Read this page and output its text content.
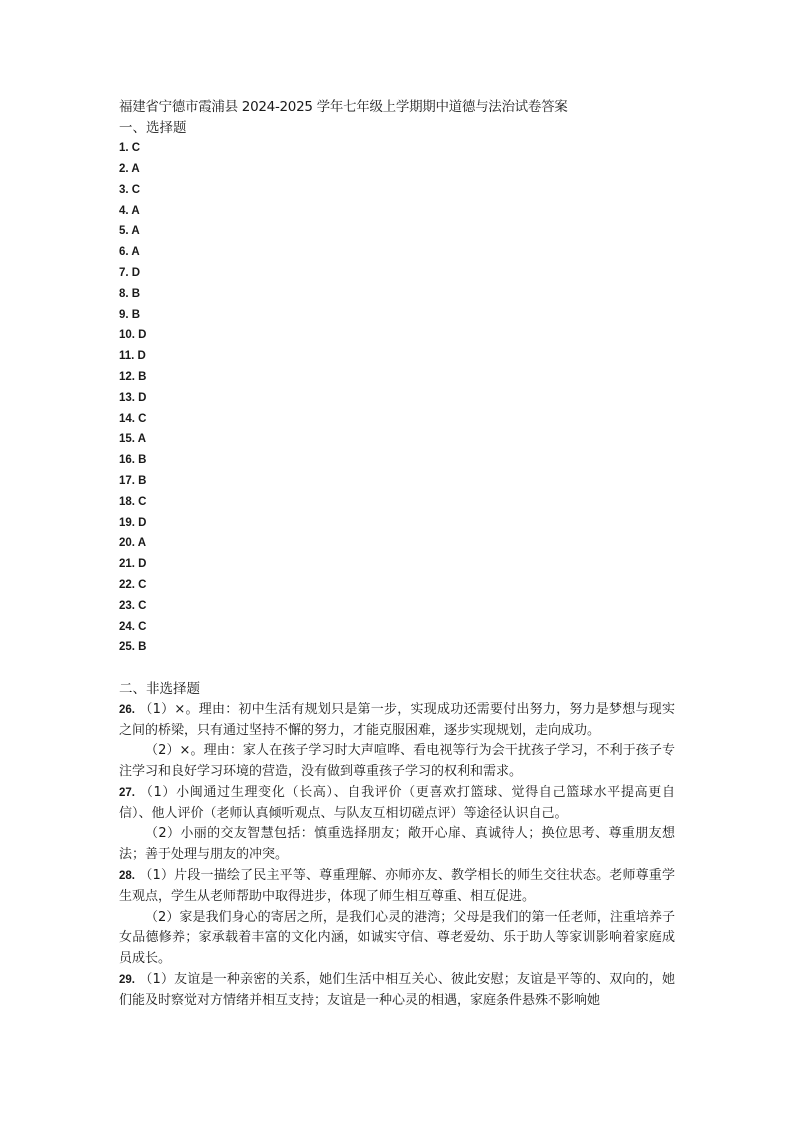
福建省宁德市霞浦县 2024-2025 学年七年级上学期期中道德与法治试卷答案
一、选择题
1. C
2. A
3. C
4. A
5. A
6. A
7. D
8. B
9. B
10. D
11. D
12. B
13. D
14. C
15. A
16. B
17. B
18. C
19. D
20. A
21. D
22. C
23. C
24. C
25. B
二、非选择题

26. （1）×。理由：初中生活有规划只是第一步，实现成功还需要付出努力，努力是梦想与现实之间的桥梁，只有通过坚持不懈的努力，才能克服困难，逐步实现规划，走向成功。

（2）×。理由：家人在孩子学习时大声喧哗、看电视等行为会干扰孩子学习，不利于孩子专注学习和良好学习环境的营造，没有做到尊重孩子学习的权利和需求。

27. （1）小闽通过生理变化（长高）、自我评价（更喜欢打篮球、觉得自己篮球水平提高更自信）、他人评价（老师认真倾听观点、与队友互相切磋点评）等途径认识自己。

（2）小丽的交友智慧包括：慎重选择朋友；敞开心扉、真诚待人；换位思考、尊重朋友想法；善于处理与朋友的冲突。

28. （1）片段一描绘了民主平等、尊重理解、亦师亦友、教学相长的师生交往状态。老师尊重学生观点，学生从老师帮助中取得进步，体现了师生相互尊重、相互促进。

（2）家是我们身心的寄居之所，是我们心灵的港湾；父母是我们的第一任老师，注重培养子女品德修养；家承载着丰富的文化内涵，如诚实守信、尊老爱幼、乐于助人等家训影响着家庭成员成长。

29. （1）友谊是一种亲密的关系，她们生活中相互关心、彼此安慰；友谊是平等的、双向的，她们能及时察觉对方情绪并相互支持；友谊是一种心灵的相遇，家庭条件悬殊不影响她
